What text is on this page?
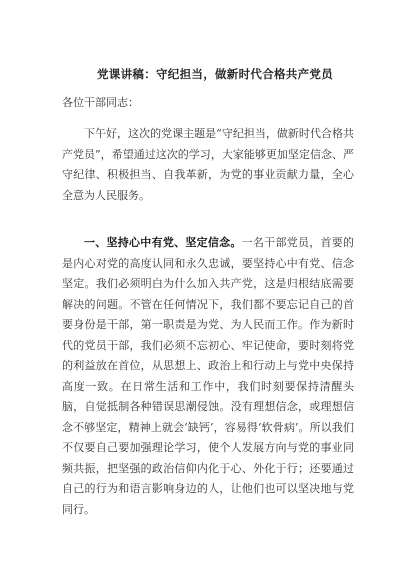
党课讲稿：守纪担当，做新时代合格共产党员
各位干部同志：

下午好，这次的党课主题是“守纪担当，做新时代合格共产党员”，希望通过这次的学习，大家能够更加坚定信念、严守纪律、积极担当、自我革新，为党的事业贡献力量，全心全意为人民服务。

一、坚持心中有党、坚定信念。一名干部党员，首要的是内心对党的高度认同和永久忠诚，要坚持心中有党、信念坚定。我们必须明白为什么加入共产党，这是归根结底需要解决的问题。不管在任何情况下，我们都不要忘记自己的首要身份是干部，第一职责是为党、为人民而工作。作为新时代的党员干部，我们必须不忘初心、牢记使命，要时刻将党的利益放在首位，从思想上、政治上和行动上与党中央保持高度一致。在日常生活和工作中，我们时刻要保持清醒头脑，自觉抵制各种错误思潮侵蚀。没有理想信念，或理想信念不够坚定，精神上就会‘缺钙’，容易得‘软骨病’。所以我们不仅要自己要加强理论学习，使个人发展方向与党的事业同频共振，把坚强的政治信仰内化于心、外化于行；还要通过自己的行为和语言影响身边的人，让他们也可以坚决地与党同行。
